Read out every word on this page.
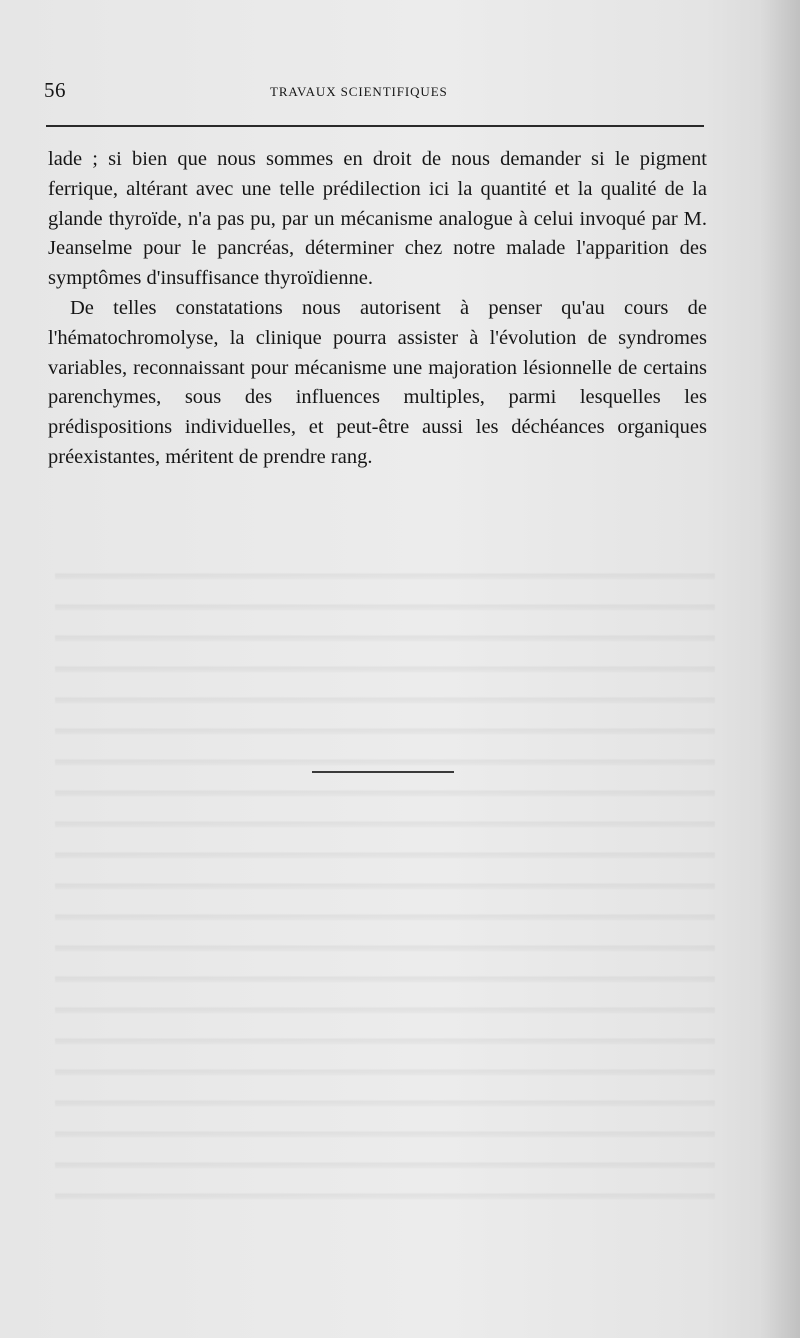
56	TRAVAUX SCIENTIFIQUES

lade ; si bien que nous sommes en droit de nous demander si le pigment ferrique, altérant avec une telle prédilection ici la quantité et la qualité de la glande thyroïde, n'a pas pu, par un mécanisme analogue à celui invoqué par M. Jeanselme pour le pancréas, déterminer chez notre malade l'apparition des symptômes d'insuffisance thyroïdienne.

De telles constatations nous autorisent à penser qu'au cours de l'hématochromolyse, la clinique pourra assister à l'évolution de syndromes variables, reconnaissant pour mécanisme une majoration lésionnelle de certains parenchymes, sous des influences multiples, parmi lesquelles les prédispositions individuelles, et peut-être aussi les déchéances organiques préexistantes, méritent de prendre rang.
